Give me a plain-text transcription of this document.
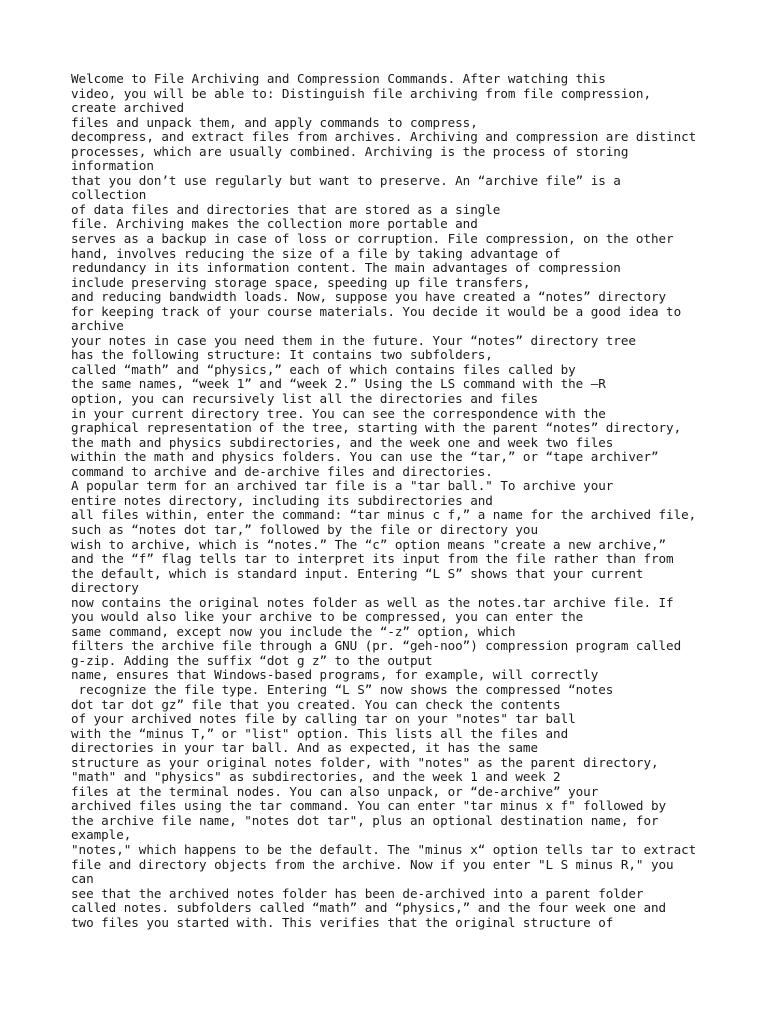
Welcome to File Archiving and Compression Commands. After watching this
video, you will be able to: Distinguish file archiving from file compression,
create archived
files and unpack them, and apply commands to compress,
decompress, and extract files from archives. Archiving and compression are distinct
processes, which are usually combined. Archiving is the process of storing
information
that you don’t use regularly but want to preserve. An “archive file” is a
collection
of data files and directories that are stored as a single
file. Archiving makes the collection more portable and
serves as a backup in case of loss or corruption. File compression, on the other
hand, involves reducing the size of a file by taking advantage of
redundancy in its information content. The main advantages of compression
include preserving storage space, speeding up file transfers,
and reducing bandwidth loads. Now, suppose you have created a “notes” directory
for keeping track of your course materials. You decide it would be a good idea to
archive
your notes in case you need them in the future. Your “notes” directory tree
has the following structure: It contains two subfolders,
called “math” and “physics,” each of which contains files called by
the same names, “week 1” and “week 2.” Using the LS command with the –R
option, you can recursively list all the directories and files
in your current directory tree. You can see the correspondence with the
graphical representation of the tree, starting with the parent “notes” directory,
the math and physics subdirectories, and the week one and week two files
within the math and physics folders. You can use the “tar,” or “tape archiver”
command to archive and de-archive files and directories.
A popular term for an archived tar file is a "tar ball." To archive your
entire notes directory, including its subdirectories and
all files within, enter the command: “tar minus c f,” a name for the archived file,
such as “notes dot tar,” followed by the file or directory you
wish to archive, which is “notes.” The “c” option means "create a new archive,”
and the “f” flag tells tar to interpret its input from the file rather than from
the default, which is standard input. Entering “L S” shows that your current
directory
now contains the original notes folder as well as the notes.tar archive file. If
you would also like your archive to be compressed, you can enter the
same command, except now you include the “-z” option, which
filters the archive file through a GNU (pr. “geh-noo”) compression program called
g-zip. Adding the suffix “dot g z” to the output
name, ensures that Windows-based programs, for example, will correctly
recognize the file type. Entering “L S” now shows the compressed “notes
dot tar dot gz” file that you created. You can check the contents
of your archived notes file by calling tar on your "notes" tar ball
with the “minus T,” or "list" option. This lists all the files and
directories in your tar ball. And as expected, it has the same
structure as your original notes folder, with "notes" as the parent directory,
"math" and "physics" as subdirectories, and the week 1 and week 2
files at the terminal nodes. You can also unpack, or “de-archive” your
archived files using the tar command. You can enter "tar minus x f" followed by
the archive file name, "notes dot tar", plus an optional destination name, for
example,
"notes," which happens to be the default. The "minus x“ option tells tar to extract
file and directory objects from the archive. Now if you enter "L S minus R," you
can
see that the archived notes folder has been de-archived into a parent folder
called notes. subfolders called “math” and “physics,” and the four week one and
two files you started with. This verifies that the original structure of
